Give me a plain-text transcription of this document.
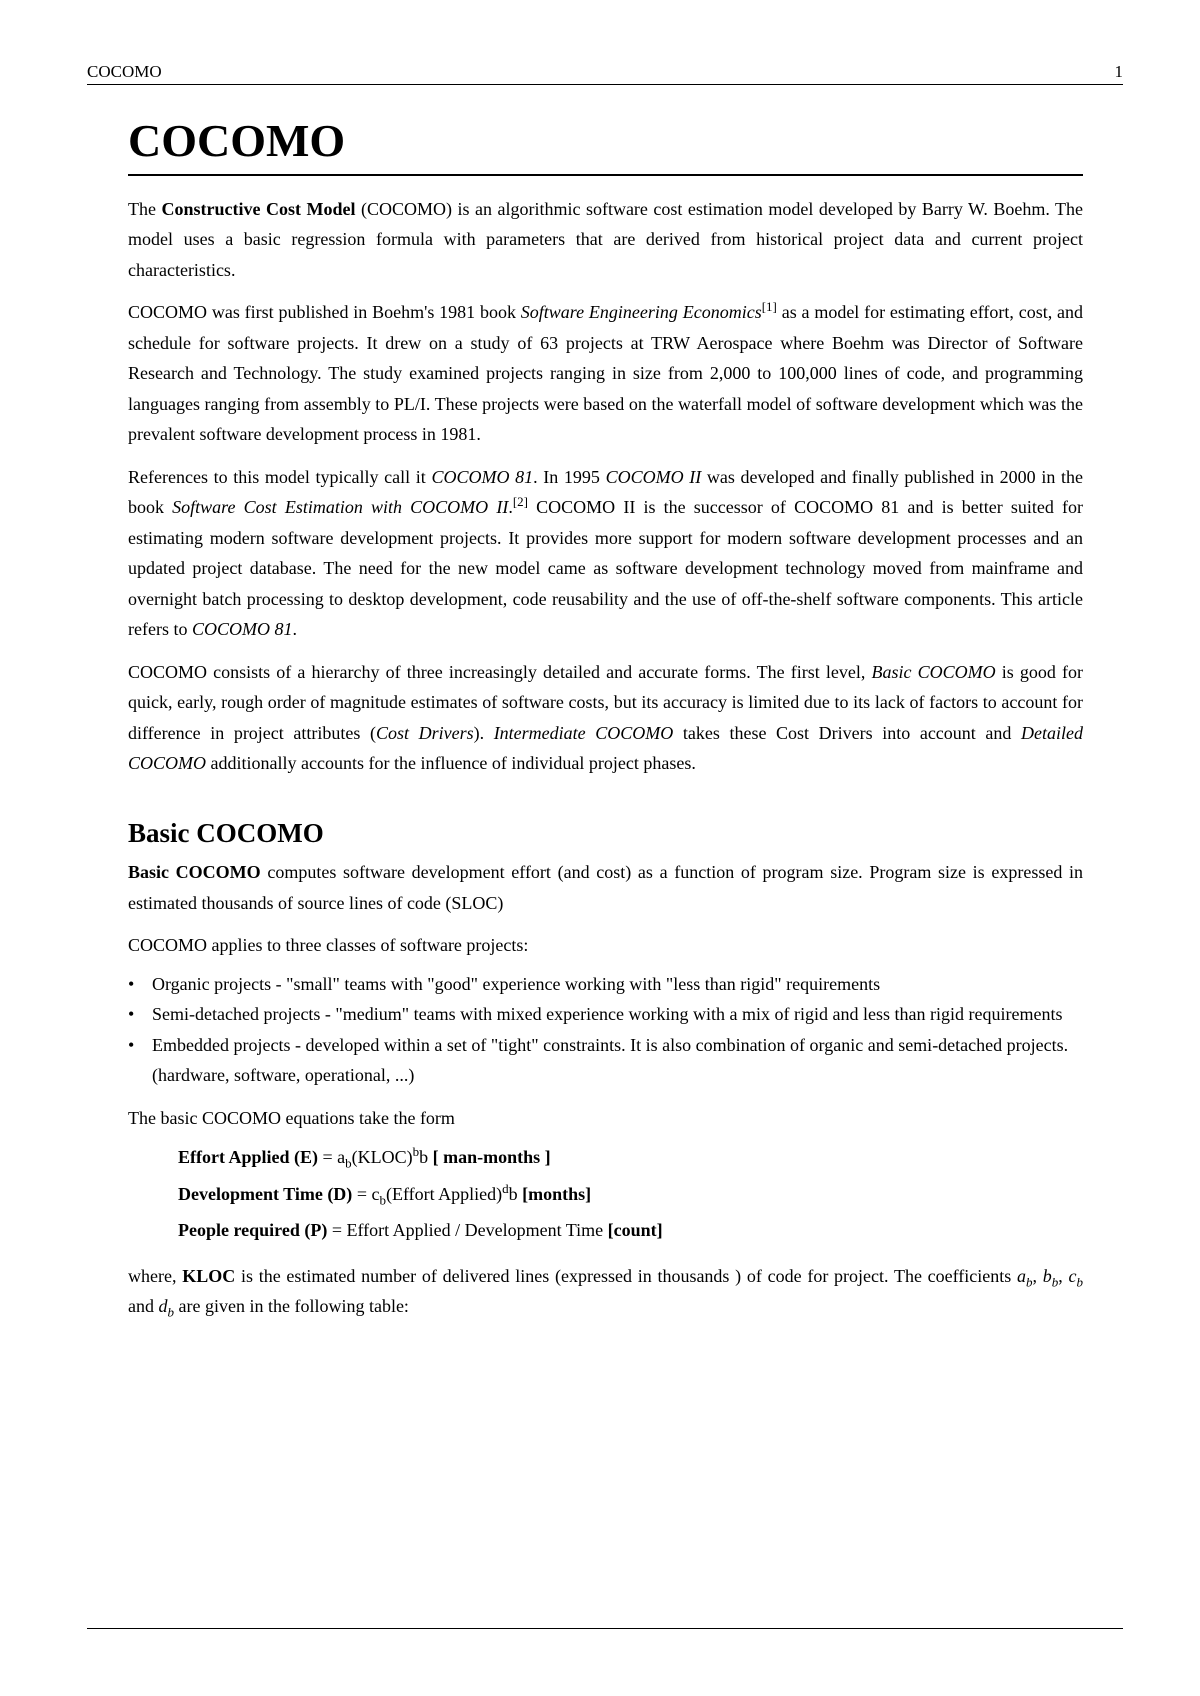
COCOMO	1
COCOMO

The Constructive Cost Model (COCOMO) is an algorithmic software cost estimation model developed by Barry W. Boehm. The model uses a basic regression formula with parameters that are derived from historical project data and current project characteristics.

COCOMO was first published in Boehm's 1981 book Software Engineering Economics[1] as a model for estimating effort, cost, and schedule for software projects. It drew on a study of 63 projects at TRW Aerospace where Boehm was Director of Software Research and Technology. The study examined projects ranging in size from 2,000 to 100,000 lines of code, and programming languages ranging from assembly to PL/I. These projects were based on the waterfall model of software development which was the prevalent software development process in 1981.

References to this model typically call it COCOMO 81. In 1995 COCOMO II was developed and finally published in 2000 in the book Software Cost Estimation with COCOMO II.[2] COCOMO II is the successor of COCOMO 81 and is better suited for estimating modern software development projects. It provides more support for modern software development processes and an updated project database. The need for the new model came as software development technology moved from mainframe and overnight batch processing to desktop development, code reusability and the use of off-the-shelf software components. This article refers to COCOMO 81.

COCOMO consists of a hierarchy of three increasingly detailed and accurate forms. The first level, Basic COCOMO is good for quick, early, rough order of magnitude estimates of software costs, but its accuracy is limited due to its lack of factors to account for difference in project attributes (Cost Drivers). Intermediate COCOMO takes these Cost Drivers into account and Detailed COCOMO additionally accounts for the influence of individual project phases.

Basic COCOMO

Basic COCOMO computes software development effort (and cost) as a function of program size. Program size is expressed in estimated thousands of source lines of code (SLOC)

COCOMO applies to three classes of software projects:

• Organic projects - "small" teams with "good" experience working with "less than rigid" requirements
• Semi-detached projects - "medium" teams with mixed experience working with a mix of rigid and less than rigid requirements
• Embedded projects - developed within a set of "tight" constraints. It is also combination of organic and semi-detached projects.(hardware, software, operational, ...)

The basic COCOMO equations take the form

Effort Applied $(E) = a_b(KLOC)^bb$ [ man-months ]
Development Time $(D) = c_b(Effort$ Applied)$^d$b [months]
People required (P) = Effort Applied / Development Time [count]

where, KLOC is the estimated number of delivered lines (expressed in thousands ) of code for project. The coefficients $a_b$, $b_b$, $c_b$ and $d_b$ are given in the following table:
